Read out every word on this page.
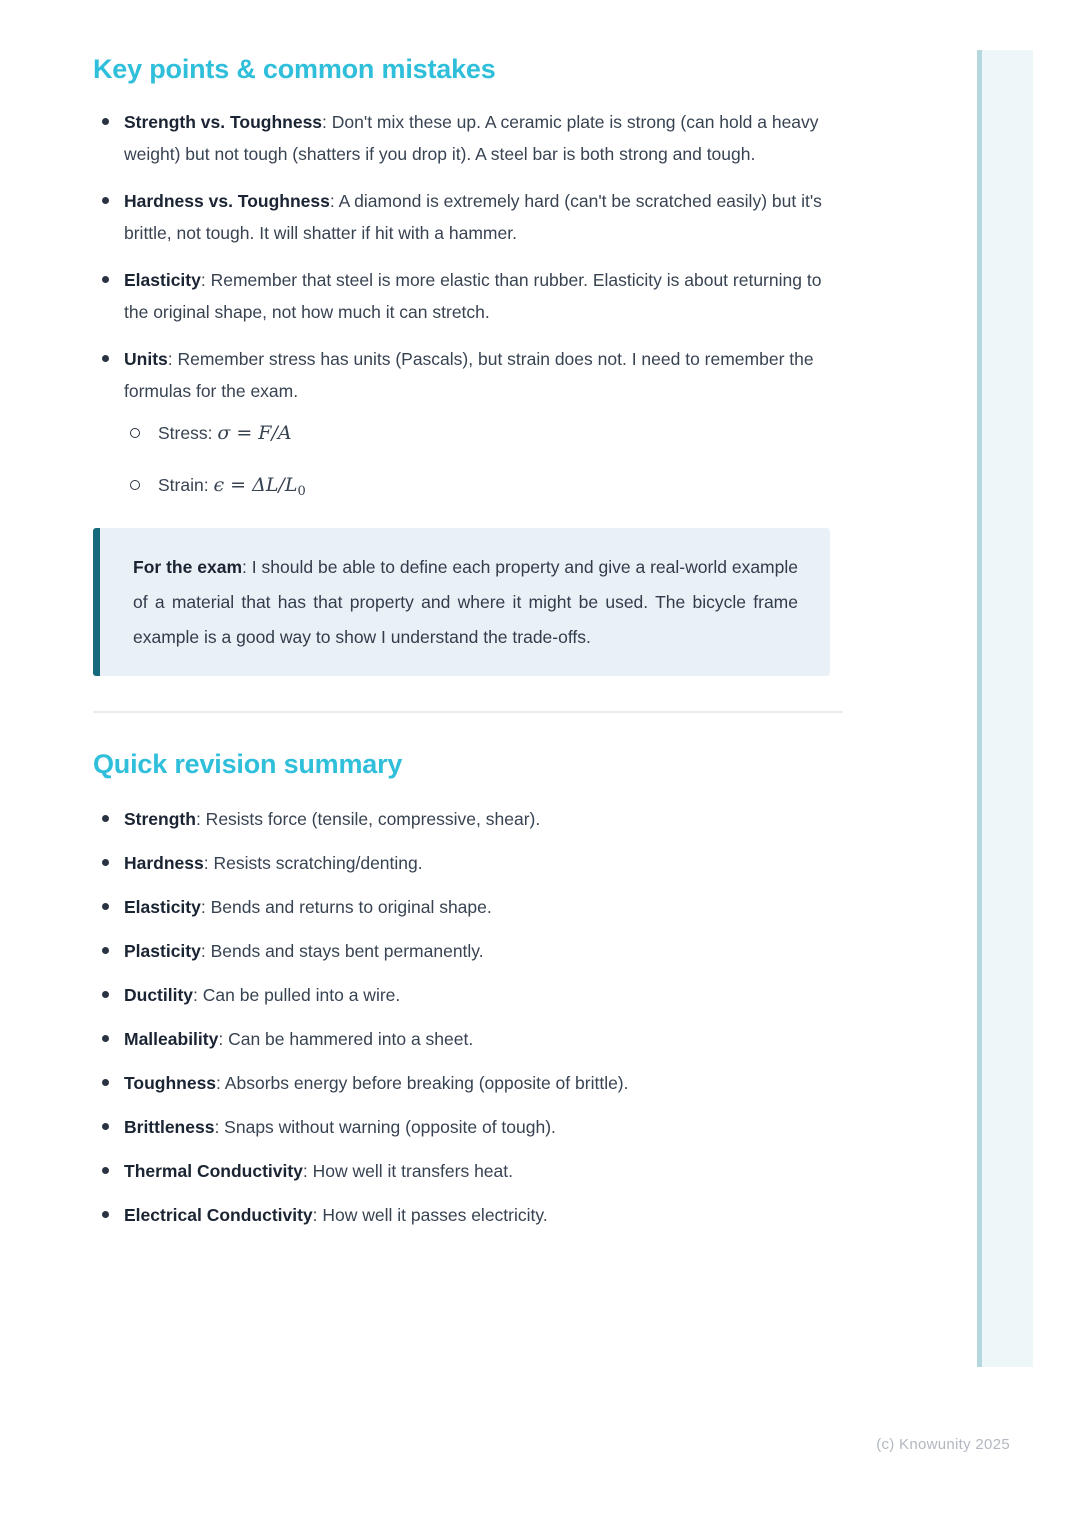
Key points & common mistakes
Strength vs. Toughness: Don't mix these up. A ceramic plate is strong (can hold a heavy weight) but not tough (shatters if you drop it). A steel bar is both strong and tough.
Hardness vs. Toughness: A diamond is extremely hard (can't be scratched easily) but it's brittle, not tough. It will shatter if hit with a hammer.
Elasticity: Remember that steel is more elastic than rubber. Elasticity is about returning to the original shape, not how much it can stretch.
Units: Remember stress has units (Pascals), but strain does not. I need to remember the formulas for the exam.
Stress: σ = F/A
Strain: $\epsilon = \Delta L/L_0$

For the exam: I should be able to define each property and give a real-world example of a material that has that property and where it might be used. The bicycle frame example is a good way to show I understand the trade-offs.

Quick revision summary
Strength: Resists force (tensile, compressive, shear).
Hardness: Resists scratching/denting.
Elasticity: Bends and returns to original shape.
Plasticity: Bends and stays bent permanently.
Ductility: Can be pulled into a wire.
Malleability: Can be hammered into a sheet.
Toughness: Absorbs energy before breaking (opposite of brittle).
Brittleness: Snaps without warning (opposite of tough).
Thermal Conductivity: How well it transfers heat.
Electrical Conductivity: How well it passes electricity.
(c) Knowunity 2025
